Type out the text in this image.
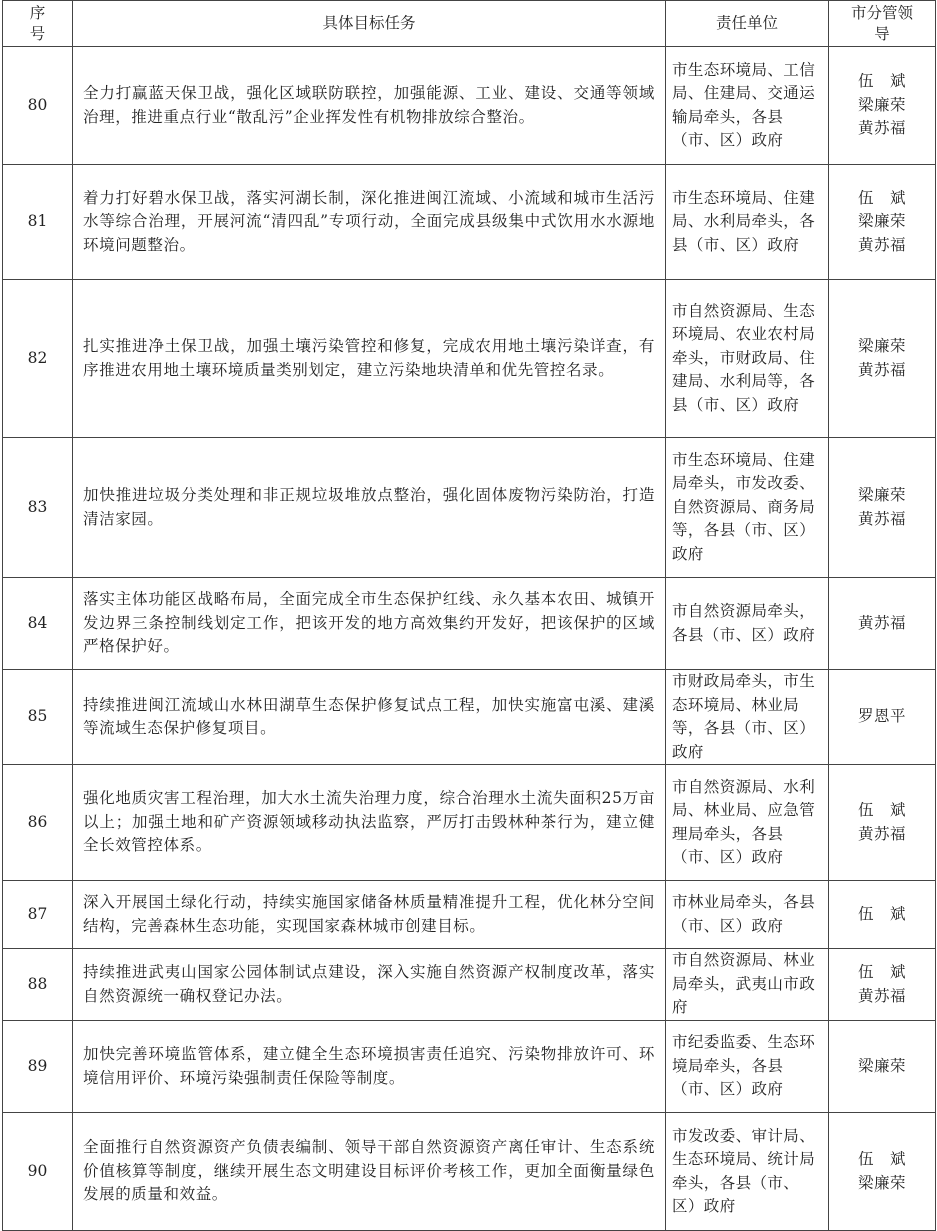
序号	具体目标任务	责任单位	市分管领导
80	全力打赢蓝天保卫战，强化区域联防联控，加强能源、工业、建设、交通等领域治理，推进重点行业“散乱污”企业挥发性有机物排放综合整治。	市生态环境局、工信局、住建局、交通运输局牵头，各县（市、区）政府	伍　斌
梁廉荣
黄苏福

81	着力打好碧水保卫战，落实河湖长制，深化推进闽江流域、小流域和城市生活污水等综合治理，开展河流“清四乱”专项行动，全面完成县级集中式饮用水水源地环境问题整治。	市生态环境局、住建局、水利局牵头，各县（市、区）政府	伍　斌
梁廉荣
黄苏福

82	扎实推进净土保卫战，加强土壤污染管控和修复，完成农用地土壤污染详查，有序推进农用地土壤环境质量类别划定，建立污染地块清单和优先管控名录。	市自然资源局、生态环境局、农业农村局牵头，市财政局、住建局、水利局等，各县（市、区）政府	梁廉荣
黄苏福

83	加快推进垃圾分类处理和非正规垃圾堆放点整治，强化固体废物污染防治，打造清洁家园。	市生态环境局、住建局牵头，市发改委、自然资源局、商务局等，各县（市、区）政府	梁廉荣
黄苏福

84	落实主体功能区战略布局，全面完成全市生态保护红线、永久基本农田、城镇开发边界三条控制线划定工作，把该开发的地方高效集约开发好，把该保护的区域严格保护好。	市自然资源局牵头，各县（市、区）政府	黄苏福

85	持续推进闽江流域山水林田湖草生态保护修复试点工程，加快实施富屯溪、建溪等流域生态保护修复项目。	市财政局牵头，市生态环境局、林业局等，各县（市、区）政府	罗恩平

86	强化地质灾害工程治理，加大水土流失治理力度，综合治理水土流失面积25万亩以上；加强土地和矿产资源领域移动执法监察，严厉打击毁林种茶行为，建立健全长效管控体系。	市自然资源局、水利局、林业局、应急管理局牵头，各县（市、区）政府	伍　斌
黄苏福

87	深入开展国土绿化行动，持续实施国家储备林质量精准提升工程，优化林分空间结构，完善森林生态功能，实现国家森林城市创建目标。	市林业局牵头，各县（市、区）政府	伍　斌

88	持续推进武夷山国家公园体制试点建设，深入实施自然资源产权制度改革，落实自然资源统一确权登记办法。	市自然资源局、林业局牵头，武夷山市政府	伍　斌
黄苏福

89	加快完善环境监管体系，建立健全生态环境损害责任追究、污染物排放许可、环境信用评价、环境污染强制责任保险等制度。	市纪委监委、生态环境局牵头，各县（市、区）政府	梁廉荣

90	全面推行自然资源资产负债表编制、领导干部自然资源资产离任审计、生态系统价值核算等制度，继续开展生态文明建设目标评价考核工作，更加全面衡量绿色发展的质量和效益。	市发改委、审计局、生态环境局、统计局牵头，各县（市、区）政府	伍　斌
梁廉荣
